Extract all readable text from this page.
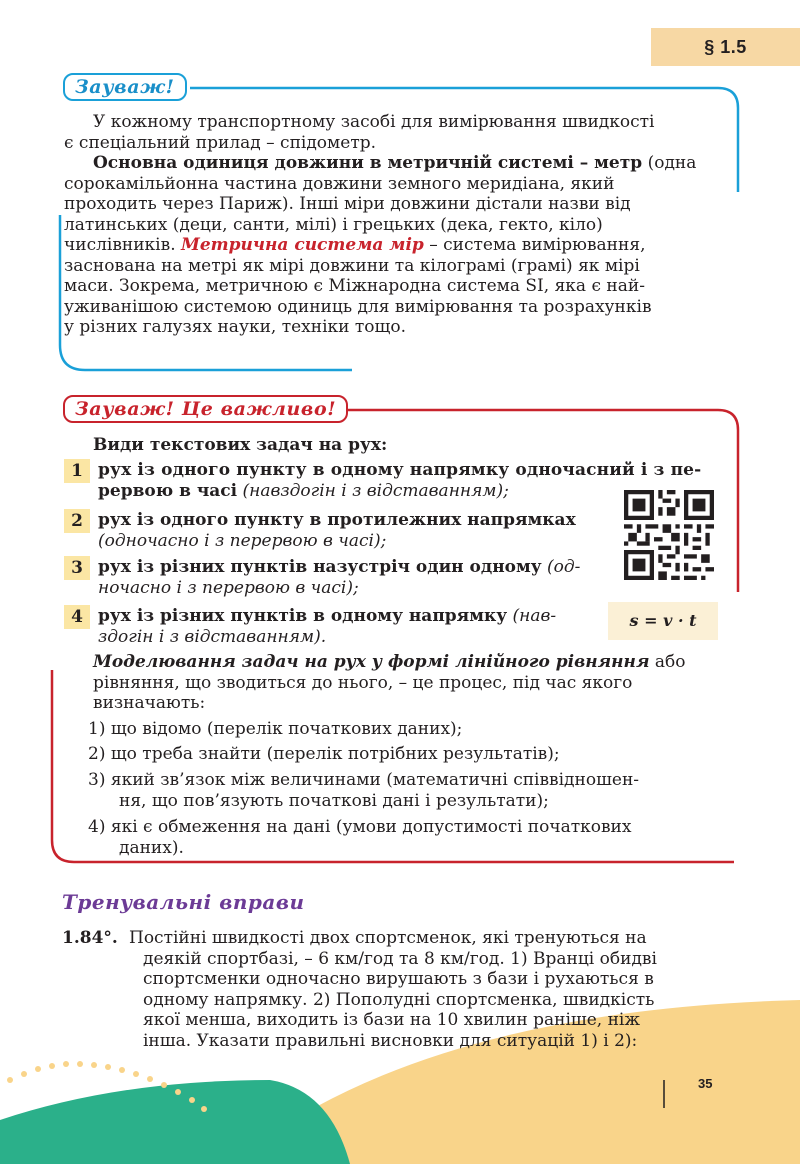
§ 1.5
Зауваж!
У кожному транспортному засобі для вимірювання швидкості
є спеціальний прилад – спідометр.
Основна одиниця довжини в метричній системі – метр (одна
сорокамільйонна частина довжини земного меридіана, який
проходить через Париж). Інші міри довжини дістали назви від
латинських (деци, санти, мілі) і грецьких (дека, гекто, кіло)
числівників. Метрична система мір – система вимірювання,
заснована на метрі як мірі довжини та кілограмі (грамі) як мірі
маси. Зокрема, метричною є Міжнародна система SI, яка є най-
уживанішою системою одиниць для вимірювання та розрахунків
у різних галузях науки, техніки тощо.
Зауваж! Це важливо!
Види текстових задач на рух:
1 рух із одного пункту в одному напрямку одночасний і з пе-
рервою в часі (навздогін і з відставанням);
2 рух із одного пункту в протилежних напрямках
(одночасно і з перервою в часі);
3 рух із різних пунктів назустріч один одному (од-
ночасно і з перервою в часі);
4 рух із різних пунктів в одному напрямку (нав-
здогін і з відставанням).
s = v · t
Моделювання задач на рух у формі лінійного рівняння або
рівняння, що зводиться до нього, – це процес, під час якого
визначають:
1) що відомо (перелік початкових даних);
2) що треба знайти (перелік потрібних результатів);
3) який зв’язок між величинами (математичні співвідношен-
ня, що пов’язують початкові дані і результати);
4) які є обмеження на дані (умови допустимості початкових
даних).
Тренувальні вправи
1.84°. Постійні швидкості двох спортсменок, які тренуються на
деякій спортбазі, – 6 км/год та 8 км/год. 1) Вранці обидві
спортсменки одночасно вирушають з бази і рухаються в
одному напрямку. 2) Пополудні спортсменка, швидкість
якої менша, виходить із бази на 10 хвилин раніше, ніж
інша. Указати правильні висновки для ситуацій 1) і 2):
35
